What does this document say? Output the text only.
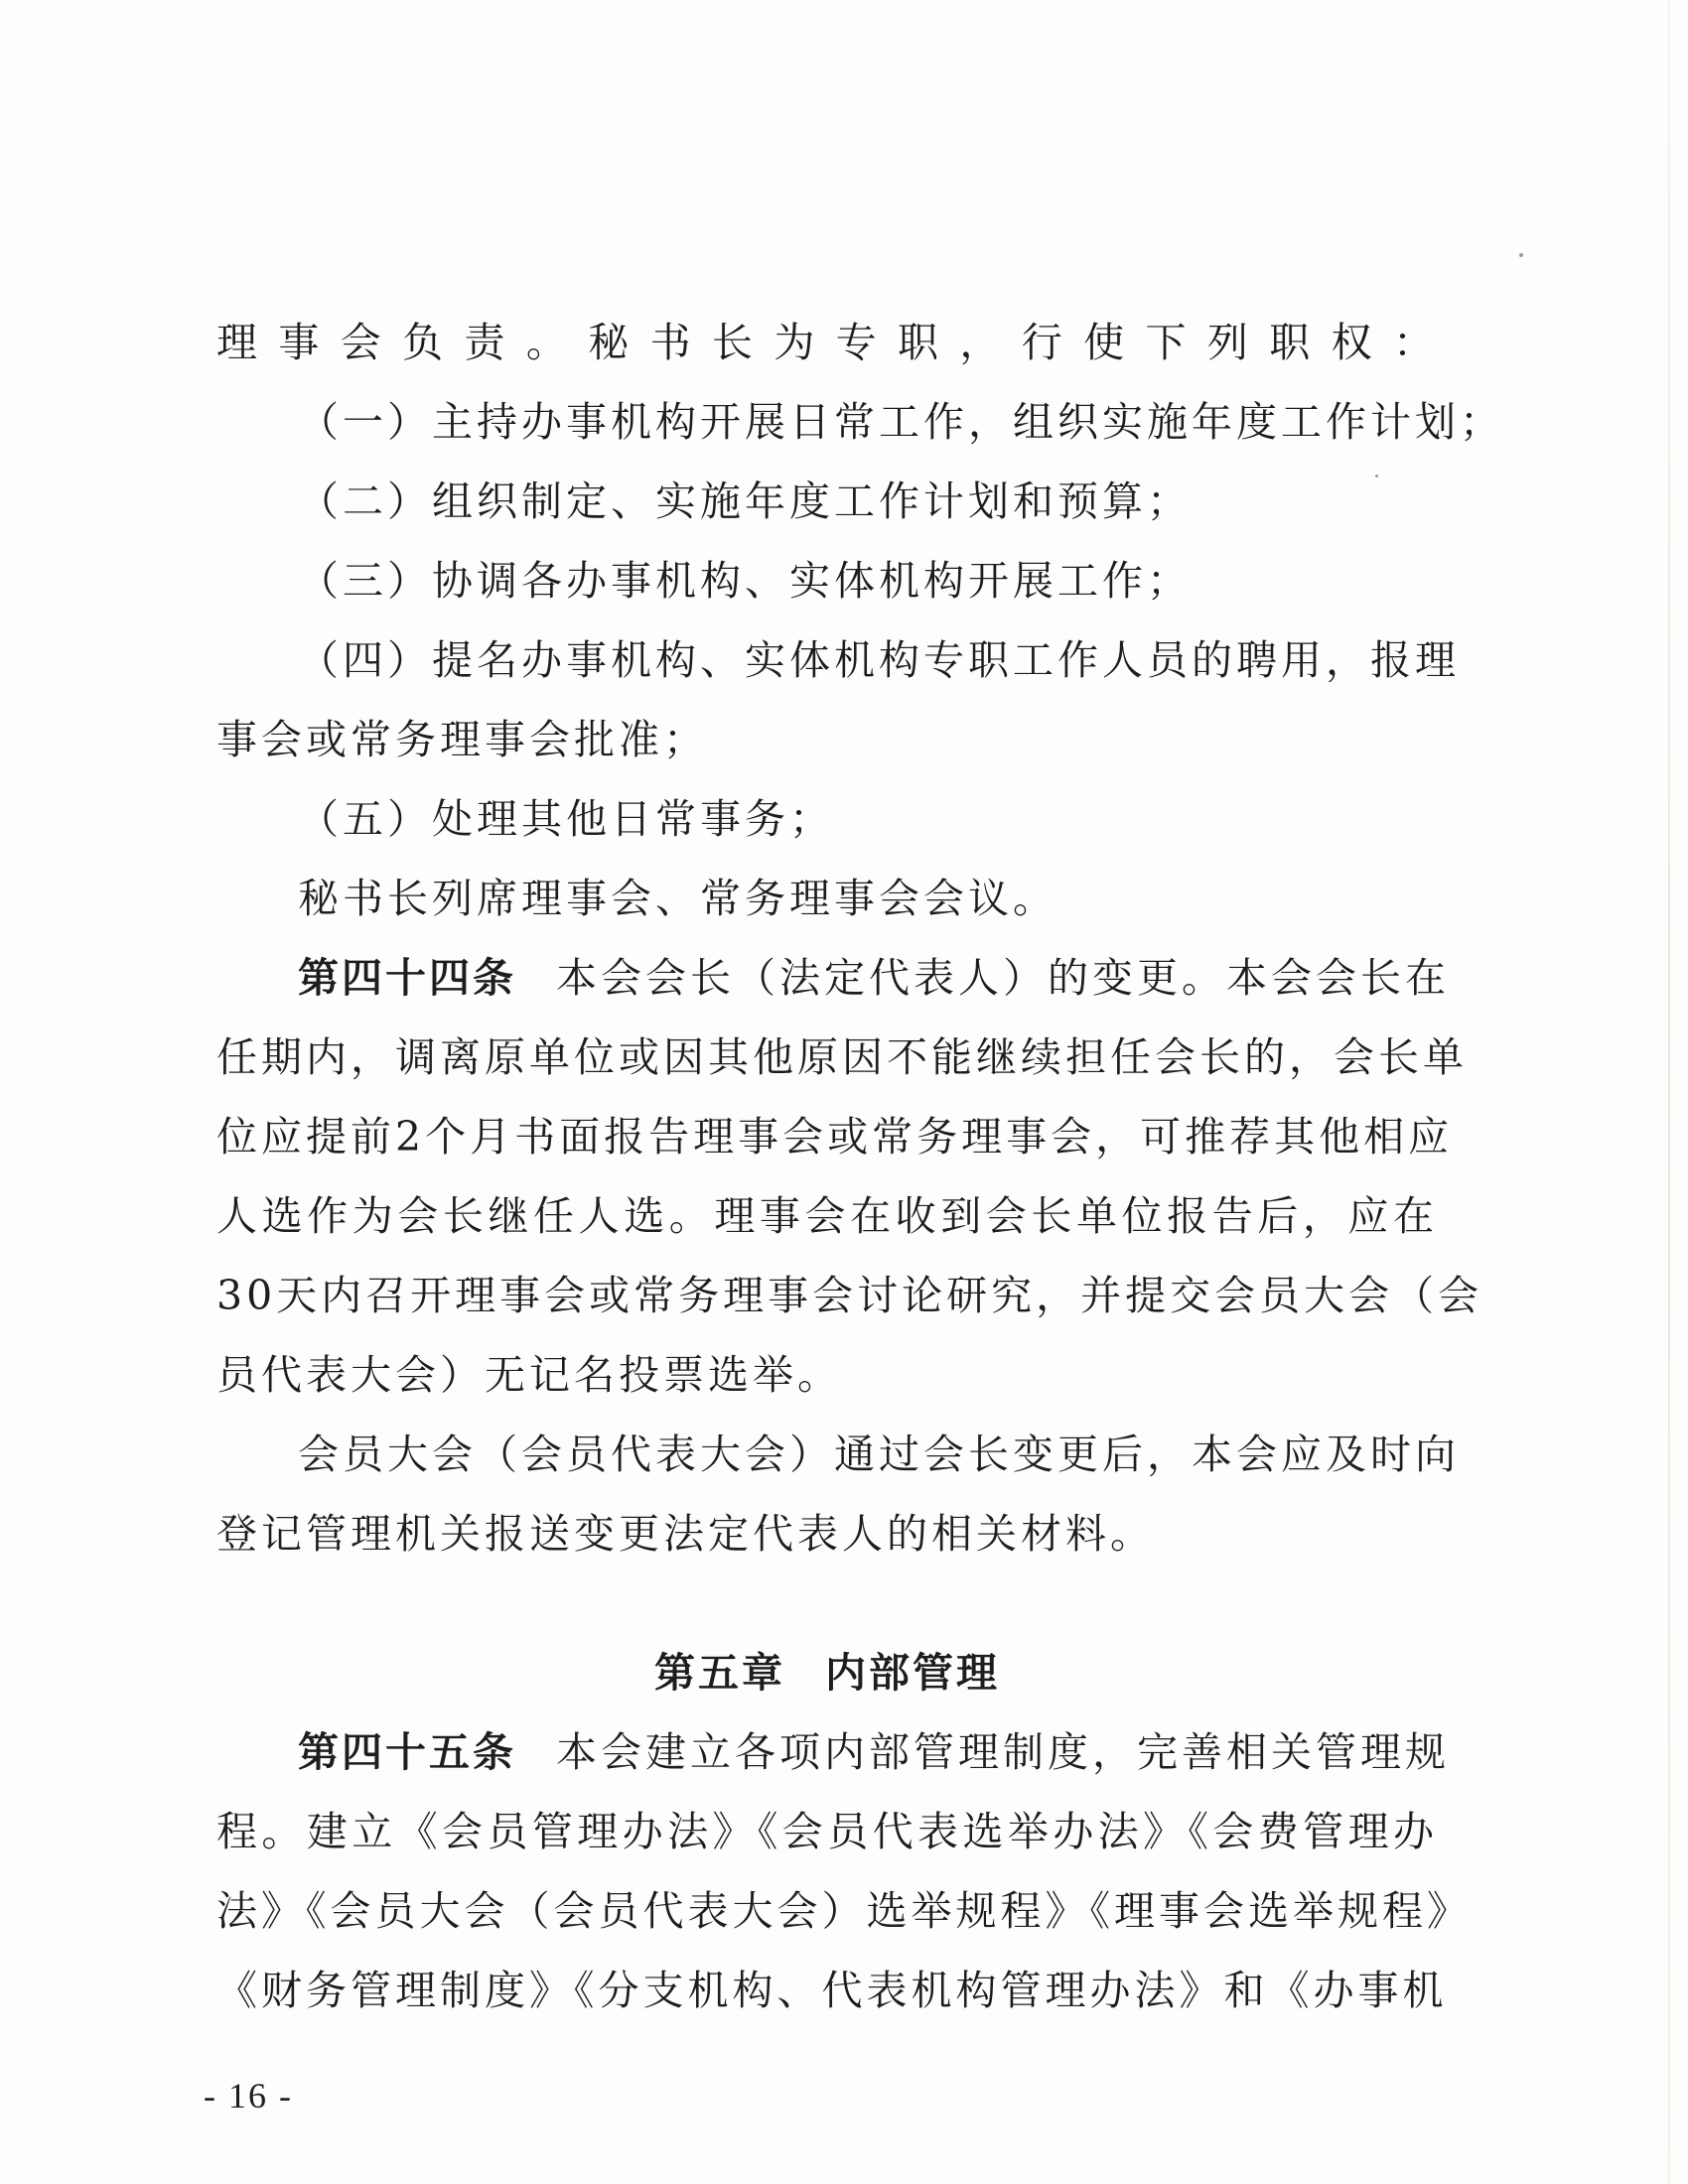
理事会负责。秘书长为专职，行使下列职权：
（一）主持办事机构开展日常工作，组织实施年度工作计划；
（二）组织制定、实施年度工作计划和预算；
（三）协调各办事机构、实体机构开展工作；
（四）提名办事机构、实体机构专职工作人员的聘用，报理
事会或常务理事会批准；
（五）处理其他日常事务；
秘书长列席理事会、常务理事会会议。
第四十四条 本会会长（法定代表人）的变更。本会会长在
任期内，调离原单位或因其他原因不能继续担任会长的，会长单
位应提前2个月书面报告理事会或常务理事会，可推荐其他相应
人选作为会长继任人选。理事会在收到会长单位报告后，应在
30天内召开理事会或常务理事会讨论研究，并提交会员大会（会
员代表大会）无记名投票选举。
会员大会（会员代表大会）通过会长变更后，本会应及时向
登记管理机关报送变更法定代表人的相关材料。
第五章 内部管理
第四十五条 本会建立各项内部管理制度，完善相关管理规
程。建立《会员管理办法》《会员代表选举办法》《会费管理办
法》《会员大会（会员代表大会）选举规程》《理事会选举规程》
《财务管理制度》《分支机构、代表机构管理办法》和《办事机
- 16 -
